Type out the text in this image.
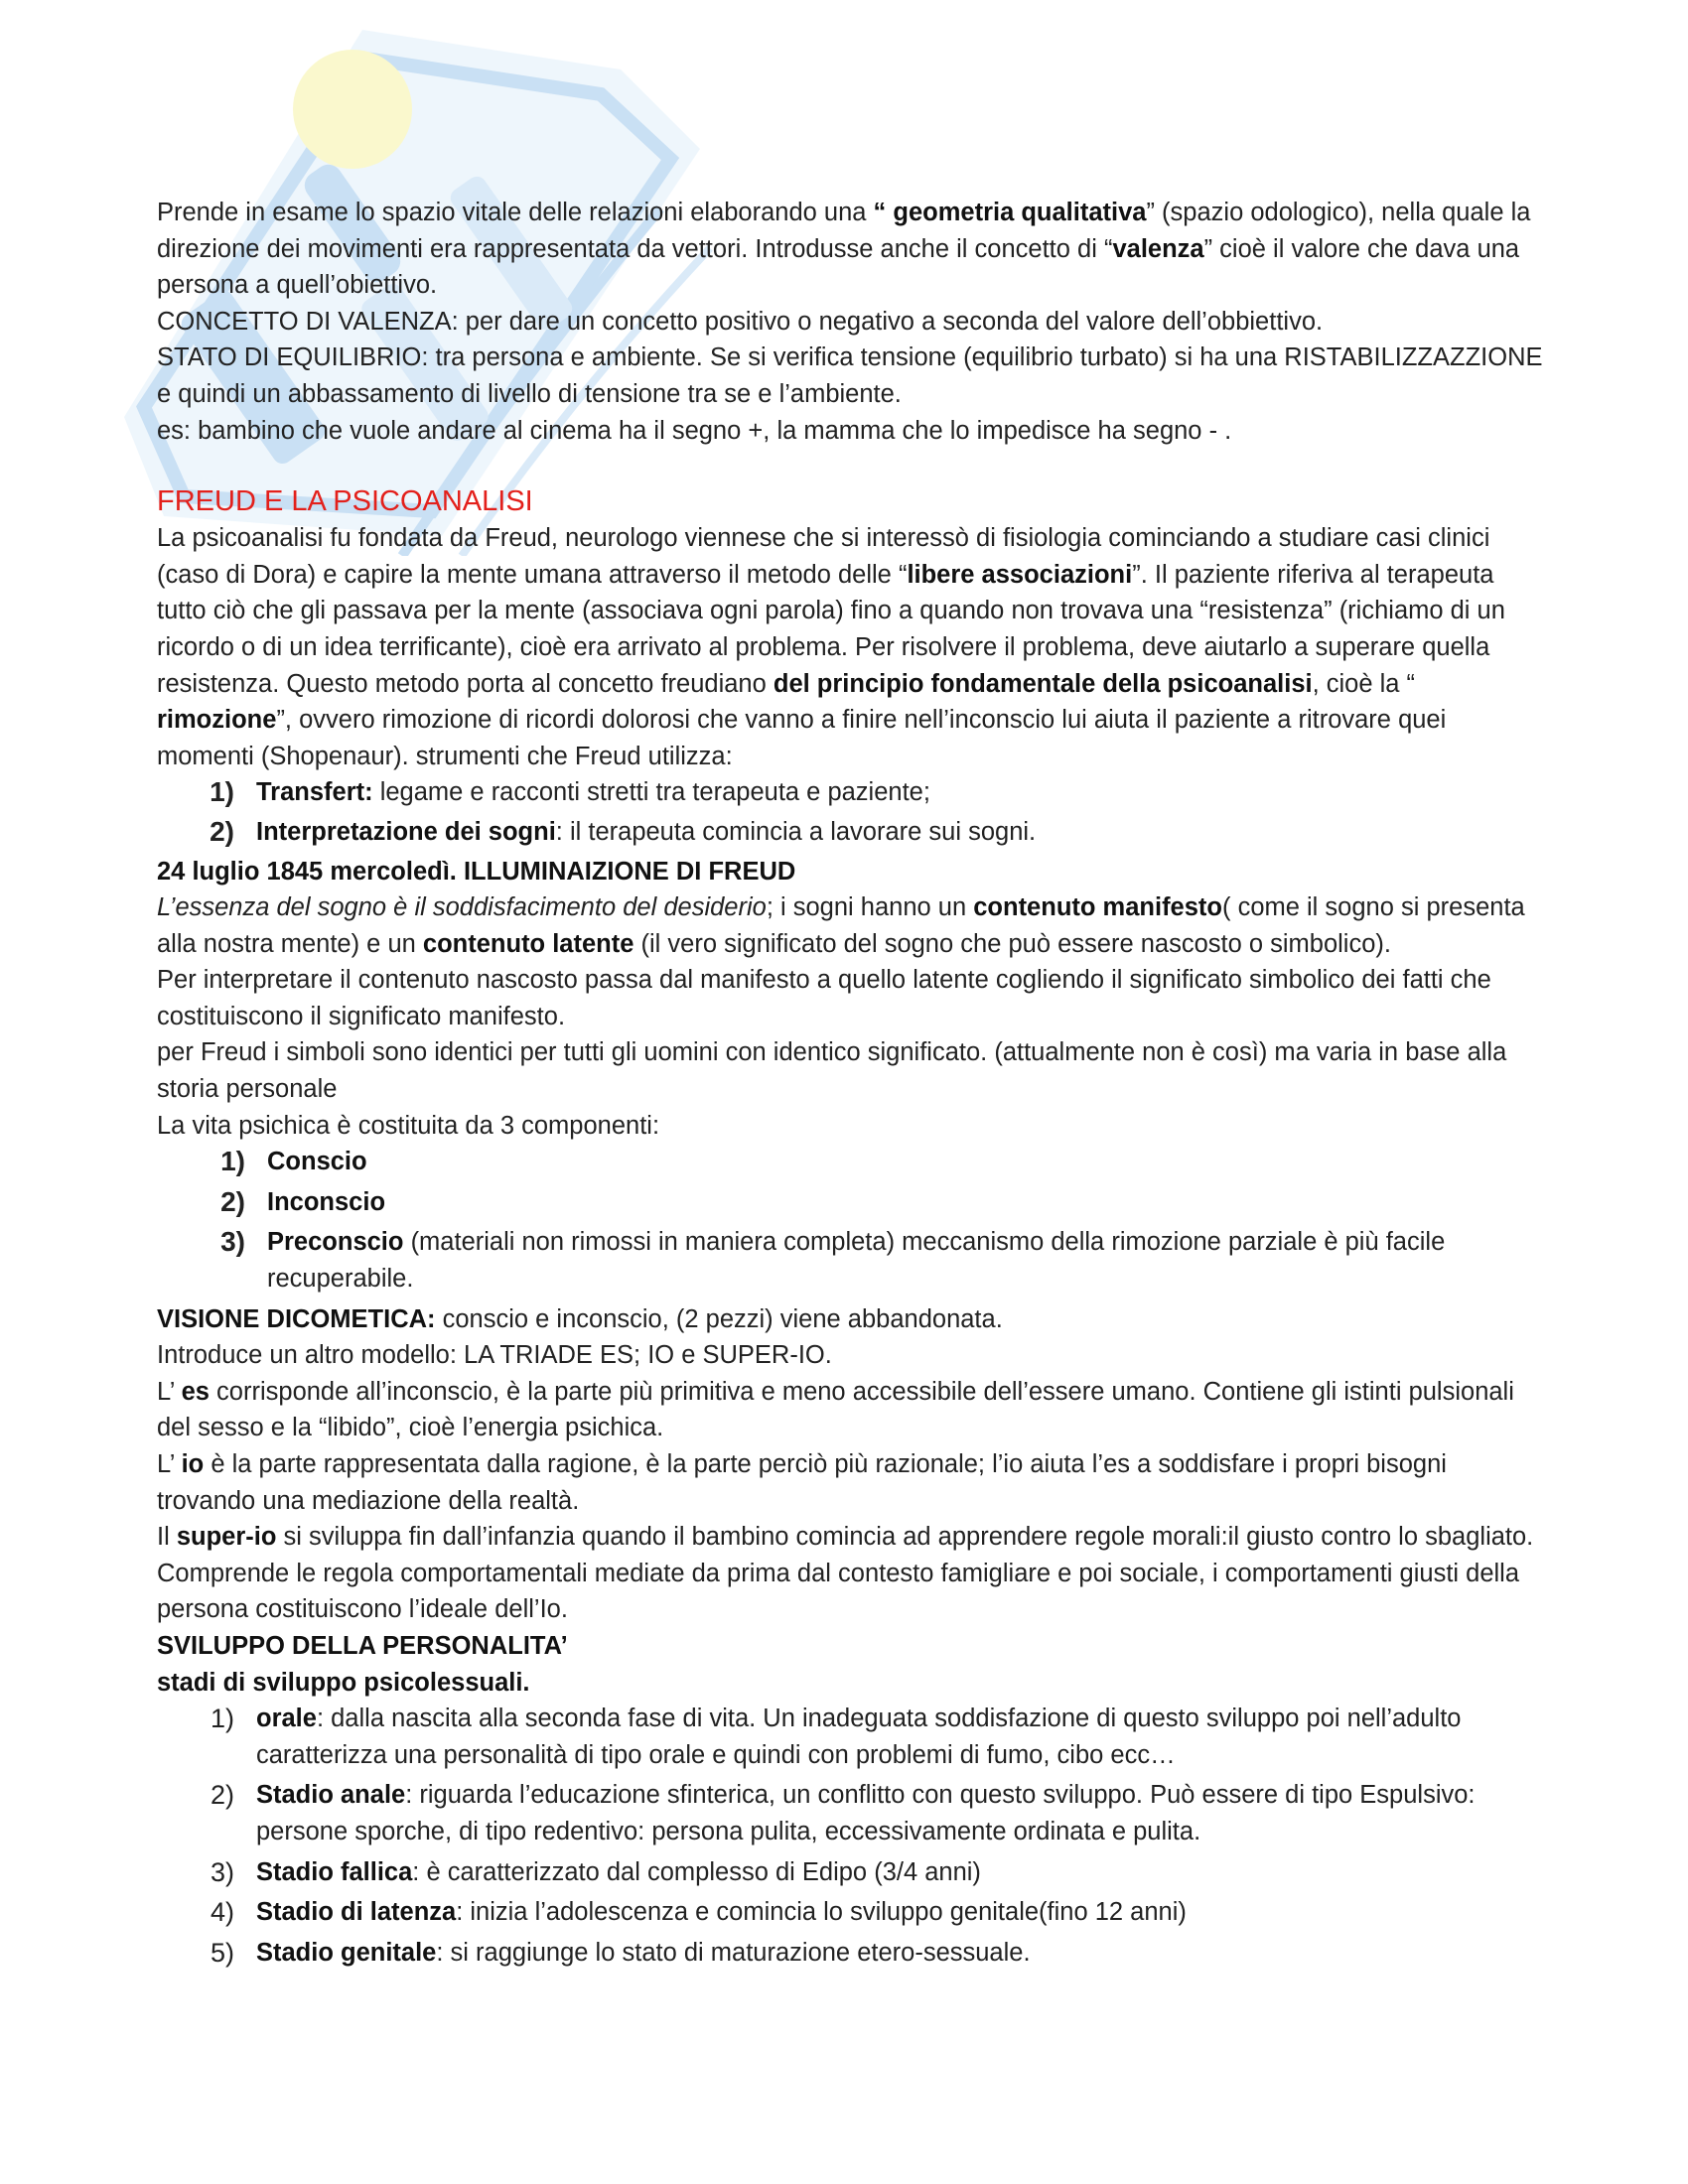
Prende in esame lo spazio vitale delle relazioni elaborando una “ geometria qualitativa” (spazio odologico), nella quale la direzione dei movimenti era rappresentata da vettori. Introdusse anche il concetto di “valenza” cioè il valore che dava una persona a quell’obiettivo.

CONCETTO DI VALENZA: per dare un concetto positivo o negativo a seconda del valore dell’obbiettivo.

STATO DI EQUILIBRIO: tra persona e ambiente. Se si verifica tensione (equilibrio turbato) si ha una RISTABILIZZAZZIONE e quindi un abbassamento di livello di tensione tra se e l’ambiente.

es: bambino che vuole andare al cinema ha il segno +, la mamma che lo impedisce ha segno - .

FREUD E LA PSICOANALISI

La psicoanalisi fu fondata da Freud, neurologo viennese che si interessò di fisiologia cominciando a studiare casi clinici (caso di Dora) e capire la mente umana attraverso il metodo delle “libere associazioni”. Il paziente riferiva al terapeuta tutto ciò che gli passava per la mente (associava ogni parola) fino a quando non trovava una “resistenza” (richiamo di un ricordo o di un idea terrificante), cioè era arrivato al problema. Per risolvere il problema, deve aiutarlo a superare quella resistenza. Questo metodo porta al concetto freudiano del principio fondamentale della psicoanalisi, cioè la “ rimozione”, ovvero rimozione di ricordi dolorosi che vanno a finire nell’inconscio lui aiuta il paziente a ritrovare quei momenti (Shopenaur). strumenti che Freud utilizza:

1) Transfert: legame e racconti stretti tra terapeuta e paziente;
2) Interpretazione dei sogni: il terapeuta comincia a lavorare sui sogni.

24 luglio 1845 mercoledì. ILLUMINAIZIONE DI FREUD

L’essenza del sogno è il soddisfacimento del desiderio; i sogni hanno un contenuto manifesto( come il sogno si presenta alla nostra mente) e un contenuto latente (il vero significato del sogno che può essere nascosto o simbolico).

Per interpretare il contenuto nascosto passa dal manifesto a quello latente cogliendo il significato simbolico dei fatti che costituiscono il significato manifesto.

per Freud i simboli sono identici per tutti gli uomini con identico significato. (attualmente non è così) ma varia in base alla storia personale

La vita psichica è costituita da 3 componenti:

1) Conscio
2) Inconscio
3) Preconscio (materiali non rimossi in maniera completa) meccanismo della rimozione parziale è più facile recuperabile.

VISIONE DICOMETICA: conscio e inconscio, (2 pezzi) viene abbandonata.

Introduce un altro modello: LA TRIADE ES; IO e SUPER-IO.

L’ es corrisponde all’inconscio, è la parte più primitiva e meno accessibile dell’essere umano. Contiene gli istinti pulsionali del sesso e la “libido”, cioè l’energia psichica.

L’ io è la parte rappresentata dalla ragione, è la parte perciò più razionale; l’io aiuta l’es a soddisfare i propri bisogni trovando una mediazione della realtà.

Il super-io si sviluppa fin dall’infanzia quando il bambino comincia ad apprendere regole morali:il giusto contro lo sbagliato. Comprende le regola comportamentali mediate da prima dal contesto famigliare e poi sociale, i comportamenti giusti della persona costituiscono l’ideale dell’Io.

SVILUPPO DELLA PERSONALITA’

stadi di sviluppo psicolessuali.

1) orale: dalla nascita alla seconda fase di vita. Un inadeguata soddisfazione di questo sviluppo poi nell’adulto caratterizza una personalità di tipo orale e quindi con problemi di fumo, cibo ecc…
2) Stadio anale: riguarda l’educazione sfinterica, un conflitto con questo sviluppo. Può essere di tipo Espulsivo: persone sporche, di tipo redentivo: persona pulita, eccessivamente ordinata e pulita.
3) Stadio fallica: è caratterizzato dal complesso di Edipo (3/4 anni)
4) Stadio di latenza: inizia l’adolescenza e comincia lo sviluppo genitale(fino 12 anni)
5) Stadio genitale: si raggiunge lo stato di maturazione etero-sessuale.
